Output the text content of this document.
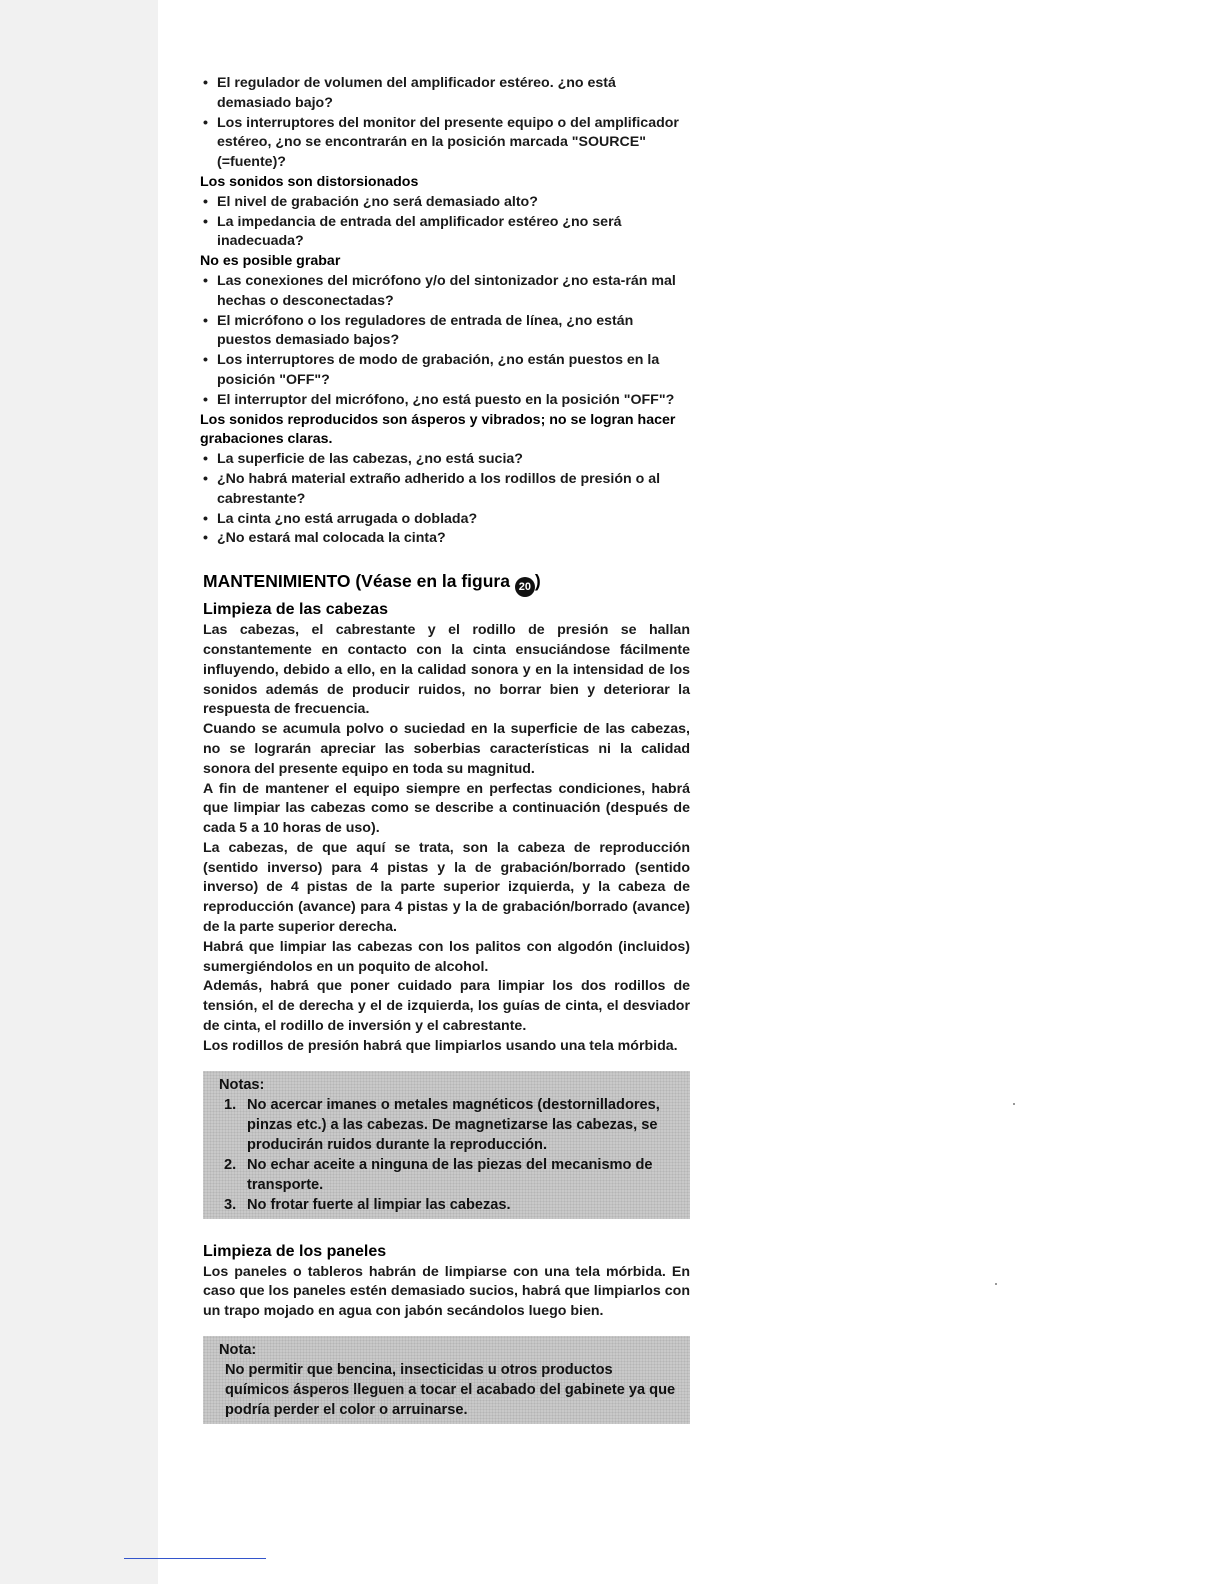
• El regulador de volumen del amplificador estéreo. ¿no está demasiado bajo?
• Los interruptores del monitor del presente equipo o del amplificador estéreo, ¿no se encontrarán en la posición marcada "SOURCE" (=fuente)?
Los sonidos son distorsionados
• El nivel de grabación ¿no será demasiado alto?
• La impedancia de entrada del amplificador estéreo ¿no será inadecuada?
No es posible grabar
• Las conexiones del micrófono y/o del sintonizador ¿no esta-rán mal hechas o desconectadas?
• El micrófono o los reguladores de entrada de línea, ¿no están puestos demasiado bajos?
• Los interruptores de modo de grabación, ¿no están puestos en la posición "OFF"?
• El interruptor del micrófono, ¿no está puesto en la posición "OFF"?
Los sonidos reproducidos son ásperos y vibrados; no se logran hacer grabaciones claras.
• La superficie de las cabezas, ¿no está sucia?
• ¿No habrá material extraño adherido a los rodillos de presión o al cabrestante?
• La cinta ¿no está arrugada o doblada?
• ¿No estará mal colocada la cinta?
MANTENIMIENTO (Véase en la figura 20 )
Limpieza de las cabezas
Las cabezas, el cabrestante y el rodillo de presión se hallan constantemente en contacto con la cinta ensuciándose fácilmente influyendo, debido a ello, en la calidad sonora y en la intensidad de los sonidos además de producir ruidos, no borrar bien y deteriorar la respuesta de frecuencia.
Cuando se acumula polvo o suciedad en la superficie de las cabezas, no se lograrán apreciar las soberbias características ni la calidad sonora del presente equipo en toda su magnitud.
A fin de mantener el equipo siempre en perfectas condiciones, habrá que limpiar las cabezas como se describe a continuación (después de cada 5 a 10 horas de uso).
La cabezas, de que aquí se trata, son la cabeza de reproducción (sentido inverso) para 4 pistas y la de grabación/borrado (sentido inverso) de 4 pistas de la parte superior izquierda, y la cabeza de reproducción (avance) para 4 pistas y la de grabación/borrado (avance) de la parte superior derecha.
Habrá que limpiar las cabezas con los palitos con algodón (incluidos) sumergiéndolos en un poquito de alcohol.
Además, habrá que poner cuidado para limpiar los dos rodillos de tensión, el de derecha y el de izquierda, los guías de cinta, el desviador de cinta, el rodillo de inversión y el cabrestante.
Los rodillos de presión habrá que limpiarlos usando una tela mórbida.
Notas:
1. No acercar imanes o metales magnéticos (destornilladores, pinzas etc.) a las cabezas. De magnetizarse las cabezas, se producirán ruidos durante la reproducción.
2. No echar aceite a ninguna de las piezas del mecanismo de transporte.
3. No frotar fuerte al limpiar las cabezas.
Limpieza de los paneles
Los paneles o tableros habrán de limpiarse con una tela mórbida. En caso que los paneles estén demasiado sucios, habrá que limpiarlos con un trapo mojado en agua con jabón secándolos luego bien.
Nota:
No permitir que bencina, insecticidas u otros productos químicos ásperos lleguen a tocar el acabado del gabinete ya que podría perder el color o arruinarse.
